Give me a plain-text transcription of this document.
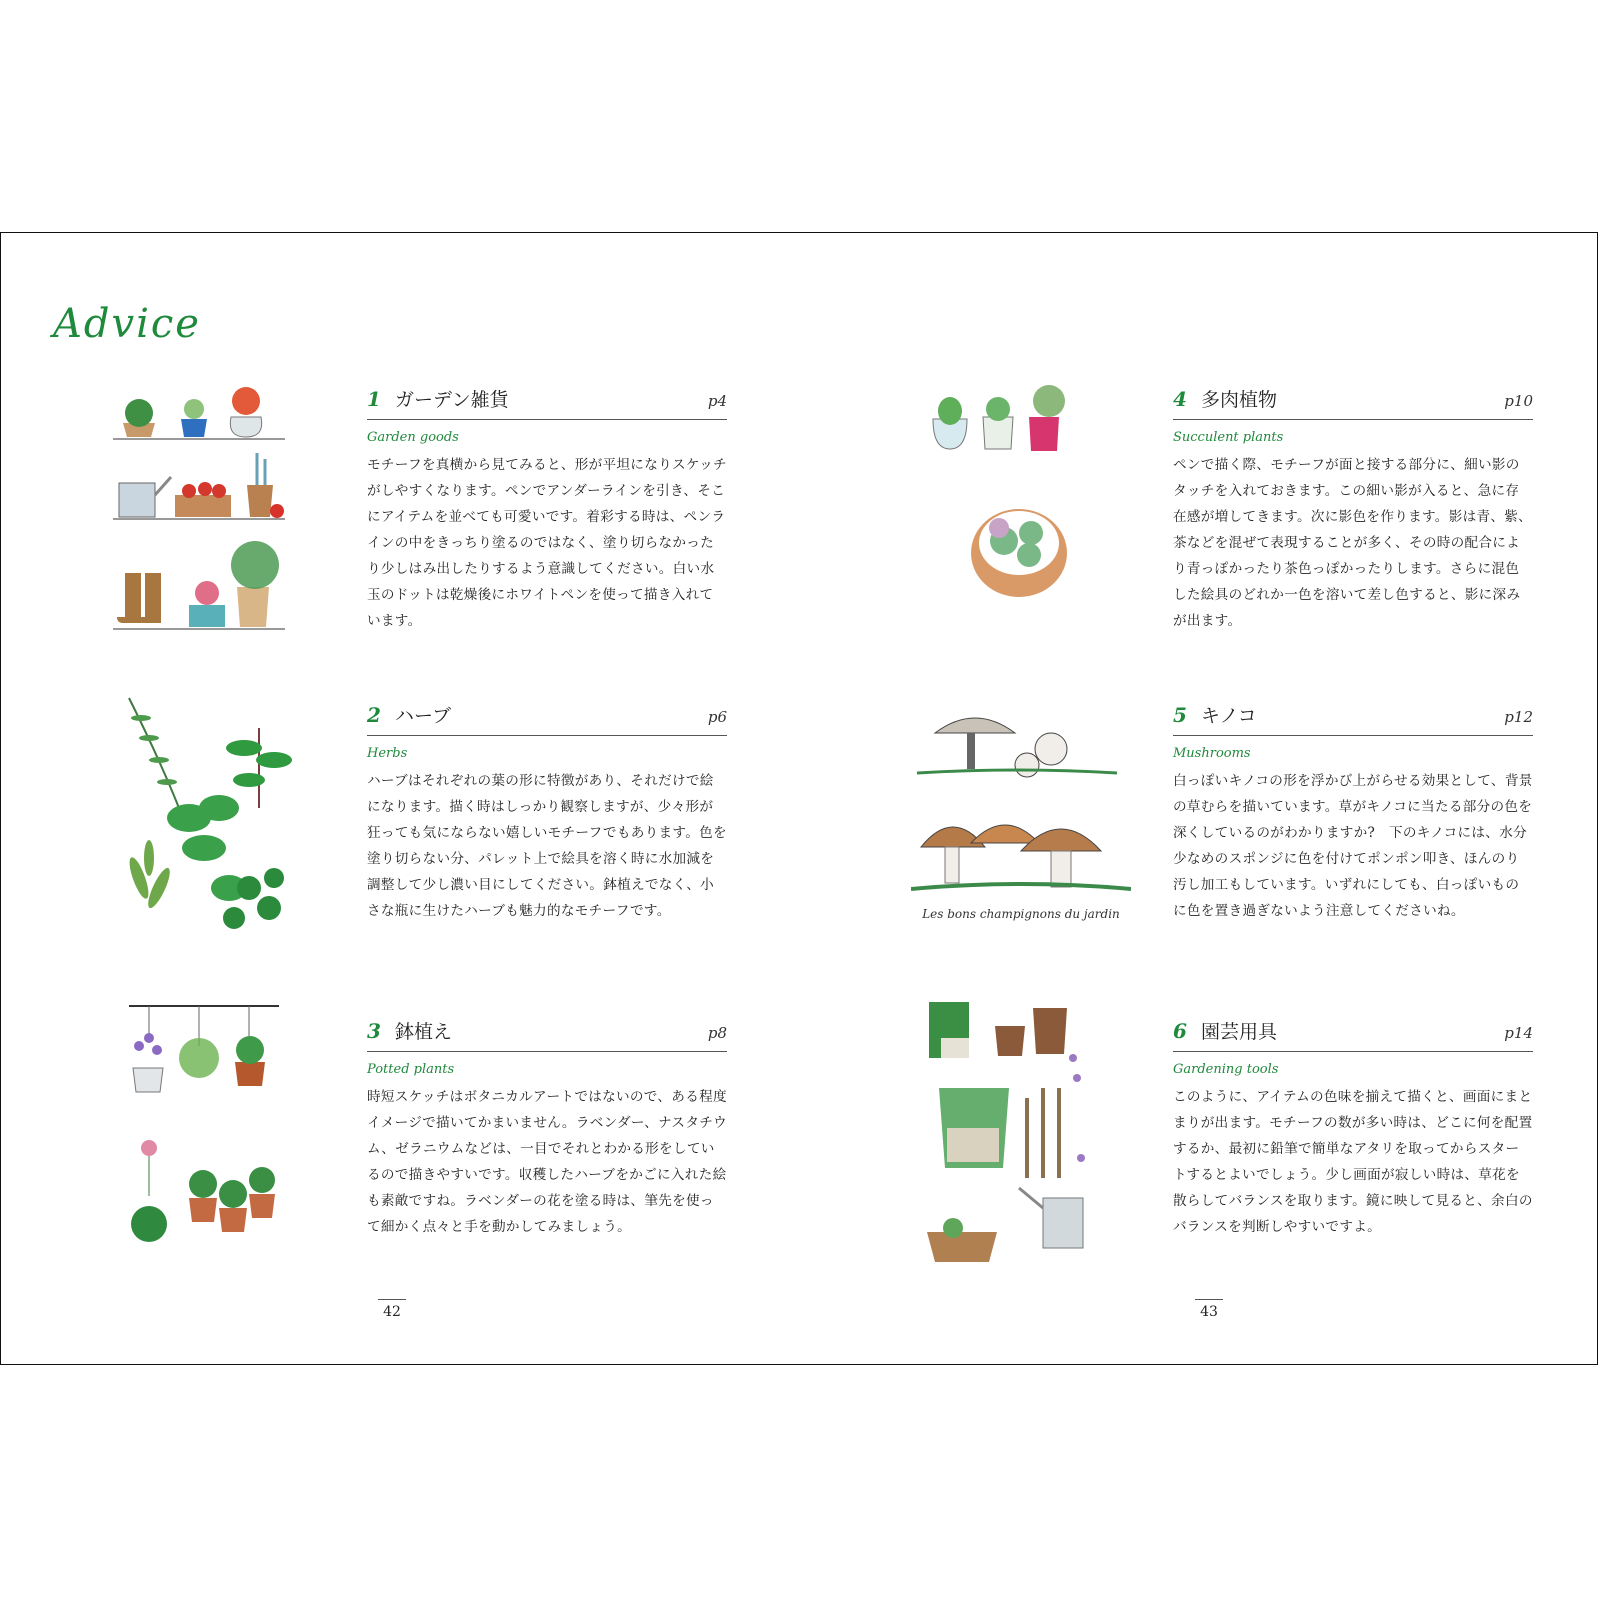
Advice
Les bons champignons du jardin
1 ガーデン雑貨	p4
Garden goods
モチーフを真横から見てみると、形が平坦になりスケッチがしやすくなります。ペンでアンダーラインを引き、そこにアイテムを並べても可愛いです。着彩する時は、ペンラインの中をきっちり塗るのではなく、塗り切らなかったり少しはみ出したりするよう意識してください。白い水玉のドットは乾燥後にホワイトペンを使って描き入れています。
2 ハーブ	p6
Herbs
ハーブはそれぞれの葉の形に特徴があり、それだけで絵になります。描く時はしっかり観察しますが、少々形が狂っても気にならない嬉しいモチーフでもあります。色を塗り切らない分、パレット上で絵具を溶く時に水加減を調整して少し濃い目にしてください。鉢植えでなく、小さな瓶に生けたハーブも魅力的なモチーフです。
3 鉢植え	p8
Potted plants
時短スケッチはボタニカルアートではないので、ある程度イメージで描いてかまいません。ラベンダー、ナスタチウム、ゼラニウムなどは、一目でそれとわかる形をしているので描きやすいです。収穫したハーブをかごに入れた絵も素敵ですね。ラベンダーの花を塗る時は、筆先を使って細かく点々と手を動かしてみましょう。
4 多肉植物	p10
Succulent plants
ペンで描く際、モチーフが面と接する部分に、細い影のタッチを入れておきます。この細い影が入ると、急に存在感が増してきます。次に影色を作ります。影は青、紫、茶などを混ぜて表現することが多く、その時の配合により青っぽかったり茶色っぽかったりします。さらに混色した絵具のどれか一色を溶いて差し色すると、影に深みが出ます。
5 キノコ	p12
Mushrooms
白っぽいキノコの形を浮かび上がらせる効果として、背景の草むらを描いています。草がキノコに当たる部分の色を深くしているのがわかりますか?　下のキノコには、水分少なめのスポンジに色を付けてポンポン叩き、ほんのり汚し加工もしています。いずれにしても、白っぽいものに色を置き過ぎないよう注意してくださいね。
6 園芸用具	p14
Gardening tools
このように、アイテムの色味を揃えて描くと、画面にまとまりが出ます。モチーフの数が多い時は、どこに何を配置するか、最初に鉛筆で簡単なアタリを取ってからスタートするとよいでしょう。少し画面が寂しい時は、草花を散らしてバランスを取ります。鏡に映して見ると、余白のバランスを判断しやすいですよ。
42	43
